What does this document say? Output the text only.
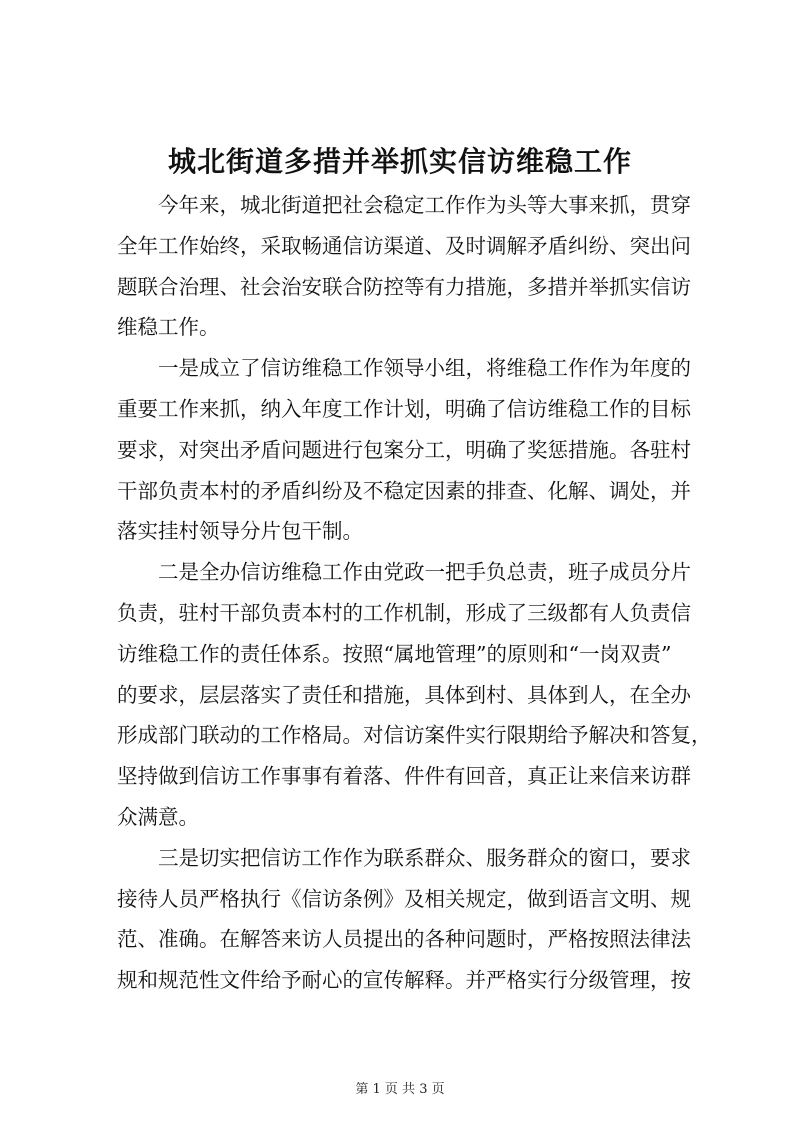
城北街道多措并举抓实信访维稳工作

　　今年来，城北街道把社会稳定工作作为头等大事来抓，贯穿
全年工作始终，采取畅通信访渠道、及时调解矛盾纠纷、突出问
题联合治理、社会治安联合防控等有力措施，多措并举抓实信访
维稳工作。

　　一是成立了信访维稳工作领导小组，将维稳工作作为年度的
重要工作来抓，纳入年度工作计划，明确了信访维稳工作的目标
要求，对突出矛盾问题进行包案分工，明确了奖惩措施。各驻村
干部负责本村的矛盾纠纷及不稳定因素的排查、化解、调处，并
落实挂村领导分片包干制。

　　二是全办信访维稳工作由党政一把手负总责，班子成员分片
负责，驻村干部负责本村的工作机制，形成了三级都有人负责信
访维稳工作的责任体系。按照“属地管理”的原则和“一岗双责”
的要求，层层落实了责任和措施，具体到村、具体到人，在全办
形成部门联动的工作格局。对信访案件实行限期给予解决和答复，
坚持做到信访工作事事有着落、件件有回音，真正让来信来访群
众满意。

　　三是切实把信访工作作为联系群众、服务群众的窗口，要求
接待人员严格执行《信访条例》及相关规定，做到语言文明、规
范、准确。在解答来访人员提出的各种问题时，严格按照法律法
规和规范性文件给予耐心的宣传解释。并严格实行分级管理，按

第 1 页 共 3 页
